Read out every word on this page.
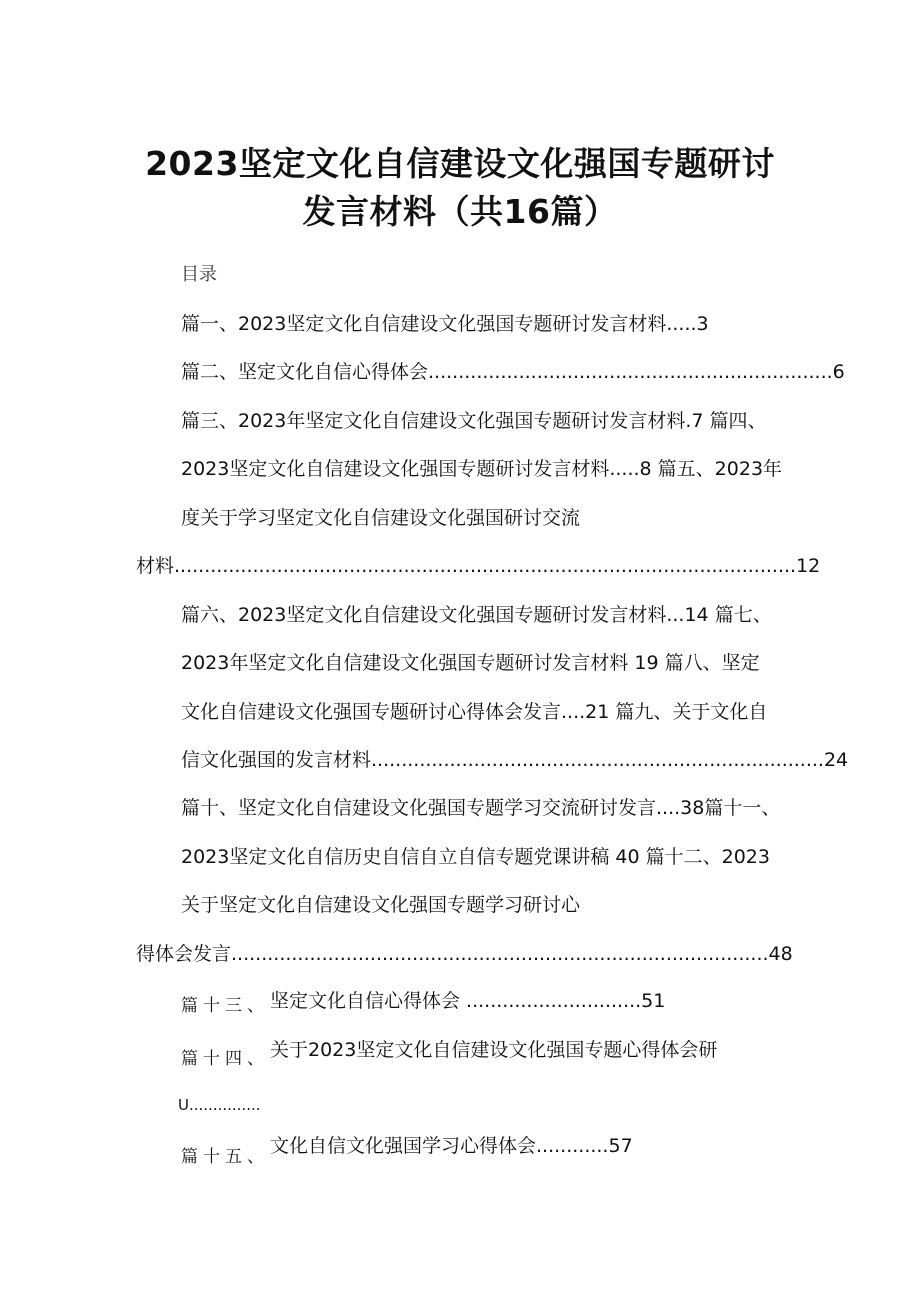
2023坚定文化自信建设文化强国专题研讨
发言材料（共16篇）
目录
篇一、2023坚定文化自信建设文化强国专题研讨发言材料.....3
篇二、坚定文化自信心得体会...................................................................6
篇三、2023年坚定文化自信建设文化强国专题研讨发言材料.7 篇四、
2023坚定文化自信建设文化强国专题研讨发言材料.....8 篇五、2023年
度关于学习坚定文化自信建设文化强国研讨交流
材料.......................................................................................................12
篇六、2023坚定文化自信建设文化强国专题研讨发言材料...14 篇七、
2023年坚定文化自信建设文化强国专题研讨发言材料 19 篇八、坚定
文化自信建设文化强国专题研讨心得体会发言....21 篇九、关于文化自
信文化强国的发言材料...........................................................................24
篇十、坚定文化自信建设文化强国专题学习交流研讨发言....38篇十一、
2023坚定文化自信历史自信自立自信专题党课讲稿 40 篇十二、2023
关于坚定文化自信建设文化强国专题学习研讨心
得体会发言.........................................................................................48
篇十三、 坚定文化自信心得体会 .............................51
篇十四、 关于2023坚定文化自信建设文化强国专题心得体会研
U...............
篇十五、 文化自信文化强国学习心得体会............57
